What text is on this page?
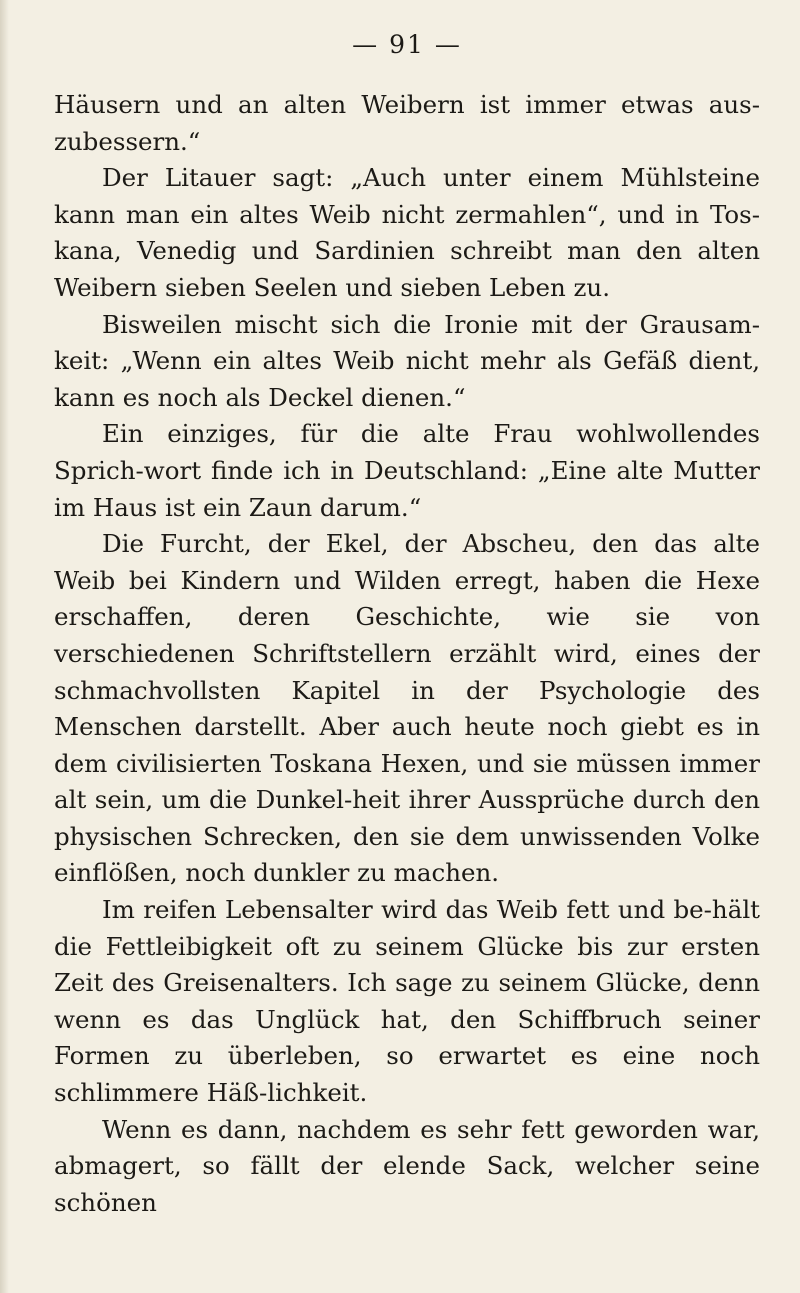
— 91 —

Häusern und an alten Weibern ist immer etwas aus-zubessern.“

Der Litauer sagt: „Auch unter einem Mühlsteine kann man ein altes Weib nicht zermahlen“, und in Tos-kana, Venedig und Sardinien schreibt man den alten Weibern sieben Seelen und sieben Leben zu.

Bisweilen mischt sich die Ironie mit der Grausam-keit: „Wenn ein altes Weib nicht mehr als Gefäß dient, kann es noch als Deckel dienen.“

Ein einziges, für die alte Frau wohlwollendes Sprich-wort finde ich in Deutschland: „Eine alte Mutter im Haus ist ein Zaun darum.“

Die Furcht, der Ekel, der Abscheu, den das alte Weib bei Kindern und Wilden erregt, haben die Hexe erschaffen, deren Geschichte, wie sie von verschiedenen Schriftstellern erzählt wird, eines der schmachvollsten Kapitel in der Psychologie des Menschen darstellt. Aber auch heute noch giebt es in dem civilisierten Toskana Hexen, und sie müssen immer alt sein, um die Dunkel-heit ihrer Aussprüche durch den physischen Schrecken, den sie dem unwissenden Volke einflößen, noch dunkler zu machen.

Im reifen Lebensalter wird das Weib fett und be-hält die Fettleibigkeit oft zu seinem Glücke bis zur ersten Zeit des Greisenalters. Ich sage zu seinem Glücke, denn wenn es das Unglück hat, den Schiffbruch seiner Formen zu überleben, so erwartet es eine noch schlimmere Häß-lichkeit.

Wenn es dann, nachdem es sehr fett geworden war, abmagert, so fällt der elende Sack, welcher seine schönen
